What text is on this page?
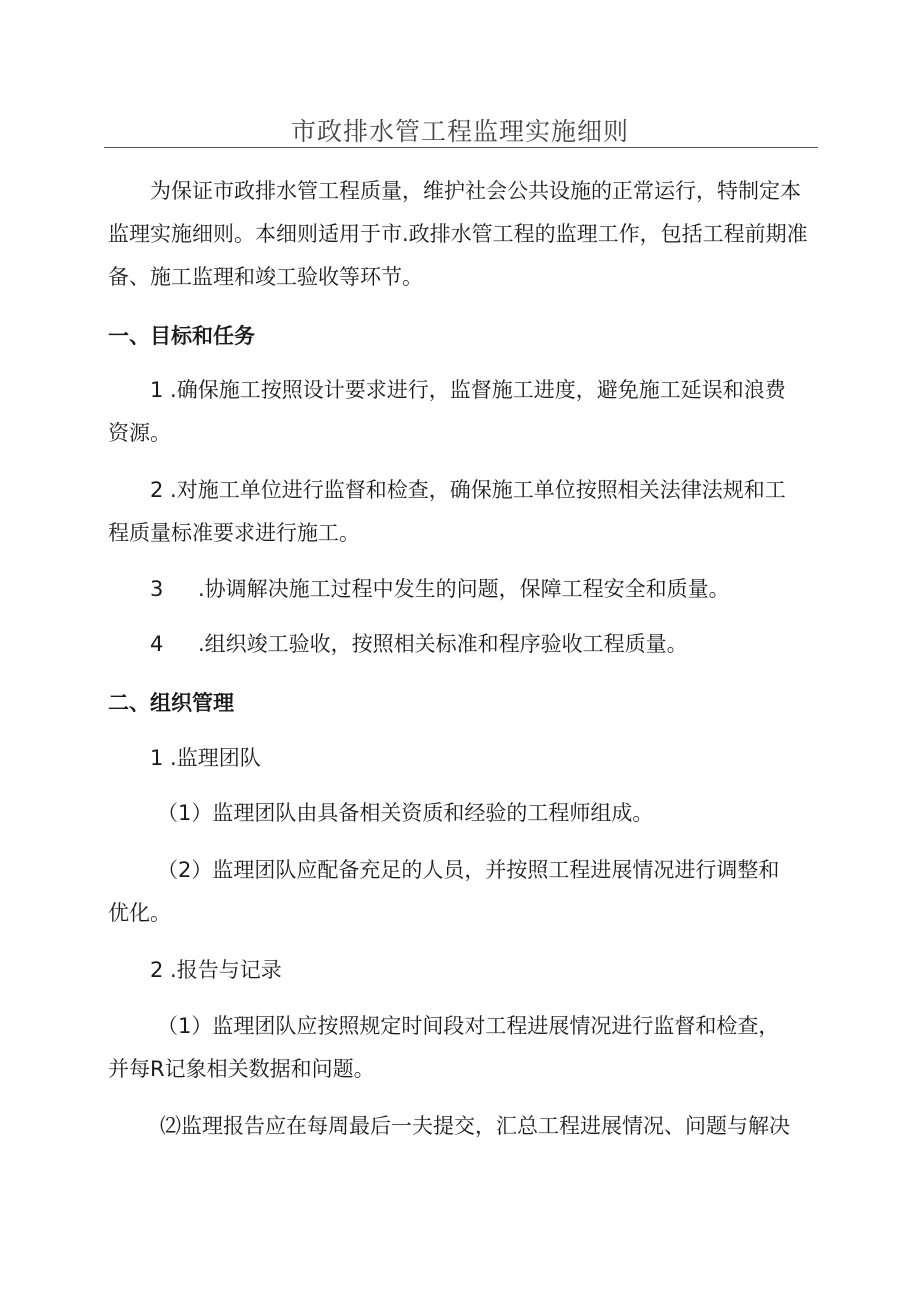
市政排水管工程监理实施细则

为保证市政排水管工程质量，维护社会公共设施的正常运行，特制定本监理实施细则。本细则适用于市.政排水管工程的监理工作，包括工程前期准备、施工监理和竣工验收等环节。

一、目标和任务
1 .确保施工按照设计要求进行，监督施工进度，避免施工延误和浪费
资源。
2 .对施工单位进行监督和检查，确保施工单位按照相关法律法规和工
程质量标准要求进行施工。
3 .协调解决施工过程中发生的问题，保障工程安全和质量。
4 .组织竣工验收，按照相关标准和程序验收工程质量。
二、组织管理
1 .监理团队
（1）监理团队由具备相关资质和经验的工程师组成。
（2）监理团队应配备充足的人员，并按照工程进展情况进行调整和
优化。
2 .报告与记录
（1）监理团队应按照规定时间段对工程进展情况进行监督和检查，
并每R记象相关数据和问题。
⑵监理报告应在每周最后一夫提交，汇总工程进展情况、问题与解决
